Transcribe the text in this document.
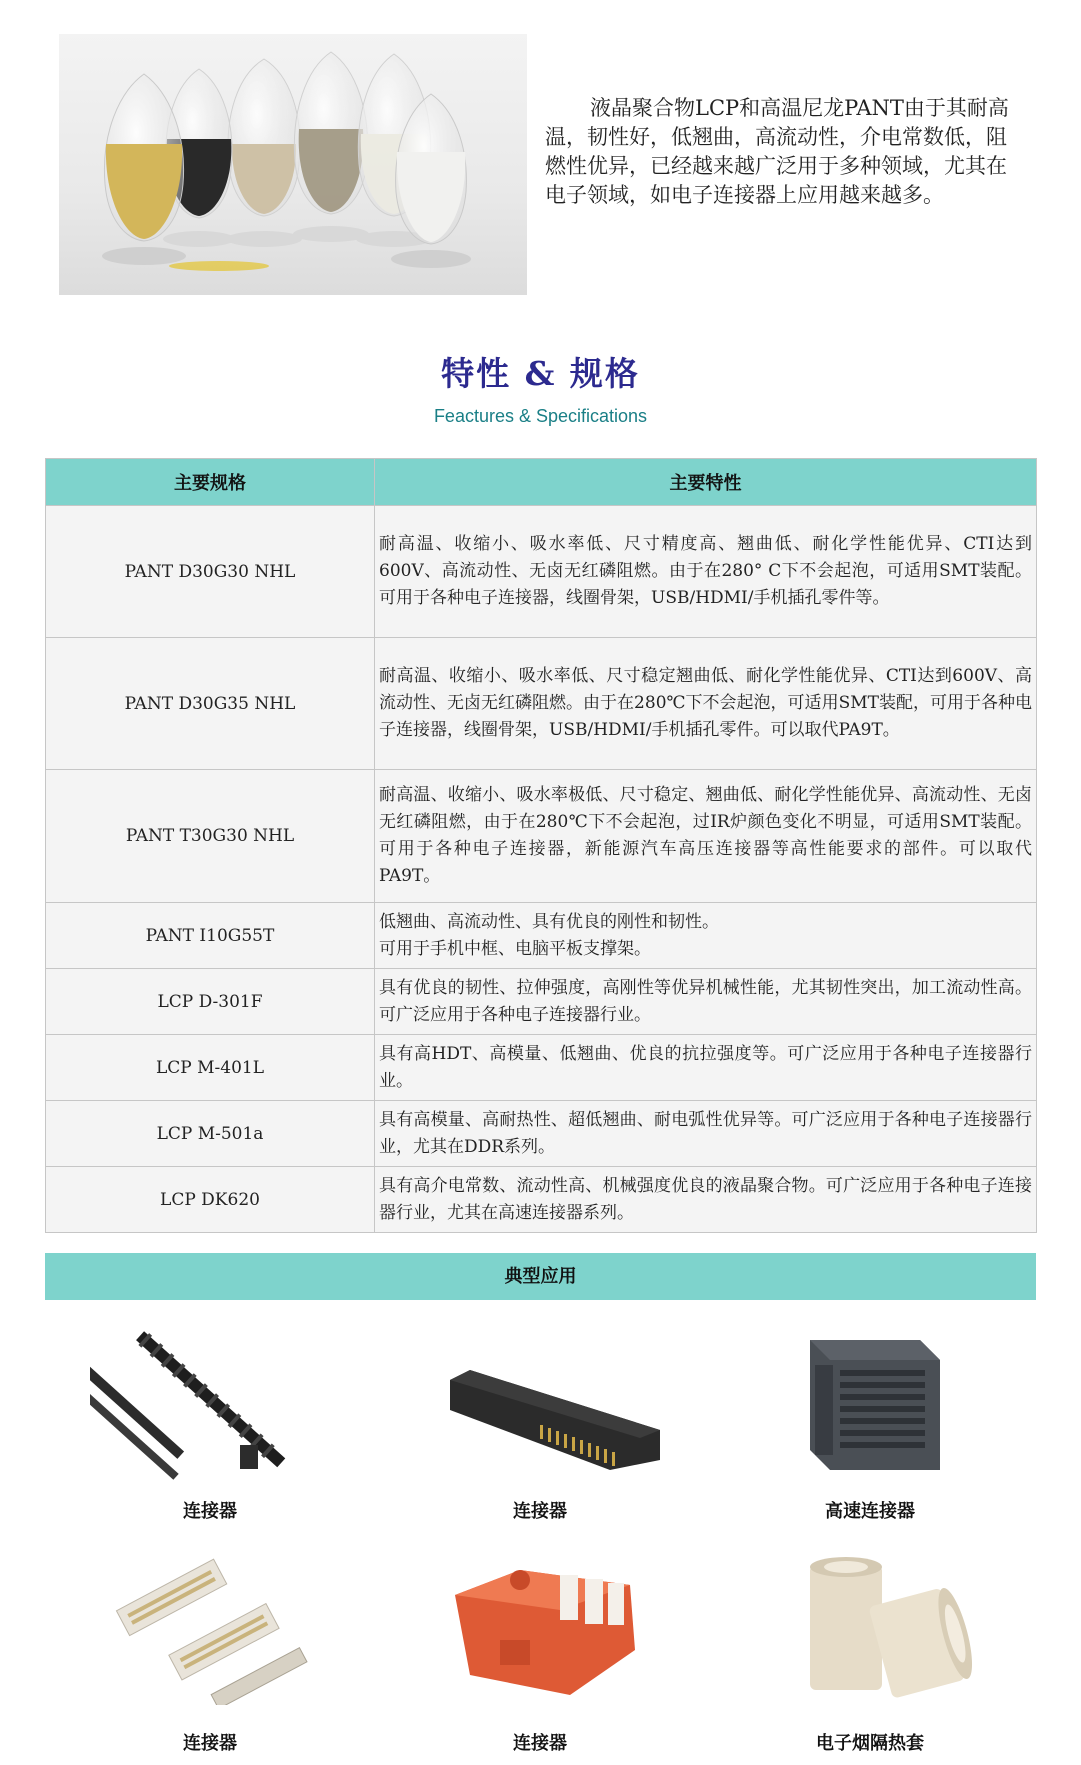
液晶聚合物LCP和高温尼龙PANT由于其耐高温，韧性好，低翘曲，高流动性，介电常数低，阻燃性优异，已经越来越广泛用于多种领域，尤其在电子领域，如电子连接器上应用越来越多。

特性 & 规格

Feactures & Specifications

主要规格	主要特性
PANT D30G30 NHL	耐高温、收缩小、吸水率低、尺寸精度高、翘曲低、耐化学性能优异、CTI达到600V、高流动性、无卤无红磷阻燃。由于在280° C下不会起泡，可适用SMT装配。可用于各种电子连接器，线圈骨架，USB/HDMI/手机插孔零件等。
PANT D30G35 NHL	耐高温、收缩小、吸水率低、尺寸稳定翘曲低、耐化学性能优异、CTI达到600V、高流动性、无卤无红磷阻燃。由于在280℃下不会起泡，可适用SMT装配，可用于各种电子连接器，线圈骨架，USB/HDMI/手机插孔零件。可以取代PA9T。
PANT T30G30 NHL	耐高温、收缩小、吸水率极低、尺寸稳定、翘曲低、耐化学性能优异、高流动性、无卤无红磷阻燃，由于在280℃下不会起泡，过IR炉颜色变化不明显，可适用SMT装配。可用于各种电子连接器，新能源汽车高压连接器等高性能要求的部件。可以取代PA9T。
PANT I10G55T	低翘曲、高流动性、具有优良的刚性和韧性。
可用于手机中框、电脑平板支撑架。
LCP D-301F	具有优良的韧性、拉伸强度，高刚性等优异机械性能，尤其韧性突出，加工流动性高。可广泛应用于各种电子连接器行业。
LCP M-401L	具有高HDT、高模量、低翘曲、优良的抗拉强度等。可广泛应用于各种电子连接器行业。
LCP M-501a	具有高模量、高耐热性、超低翘曲、耐电弧性优异等。可广泛应用于各种电子连接器行业，尤其在DDR系列。
LCP DK620	具有高介电常数、流动性高、机械强度优良的液晶聚合物。可广泛应用于各种电子连接器行业，尤其在高速连接器系列。
典型应用
连接器	连接器	高速连接器
连接器	连接器	电子烟隔热套
